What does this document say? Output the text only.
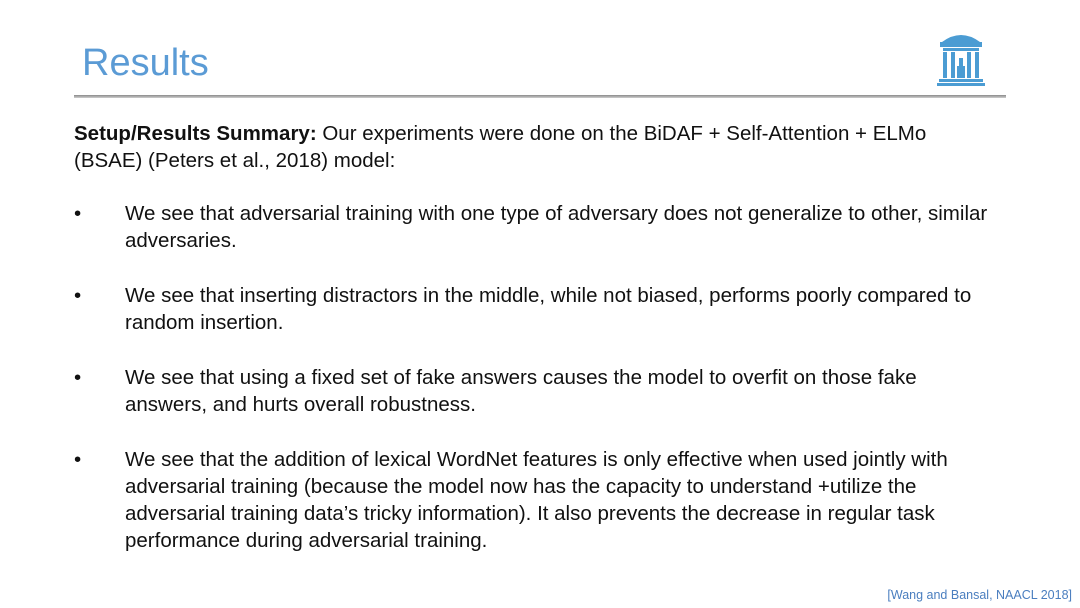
Results

Setup/Results Summary: Our experiments were done on the BiDAF + Self-Attention + ELMo (BSAE) (Peters et al., 2018) model:

•	We see that adversarial training with one type of adversary does not generalize to other, similar adversaries.
•	We see that inserting distractors in the middle, while not biased, performs poorly compared to random insertion.
•	We see that using a fixed set of fake answers causes the model to overfit on those fake answers, and hurts overall robustness.
•	We see that the addition of lexical WordNet features is only effective when used jointly with adversarial training (because the model now has the capacity to understand +utilize the adversarial training data’s tricky information). It also prevents the decrease in regular task performance during adversarial training.
[Wang and Bansal, NAACL 2018]
